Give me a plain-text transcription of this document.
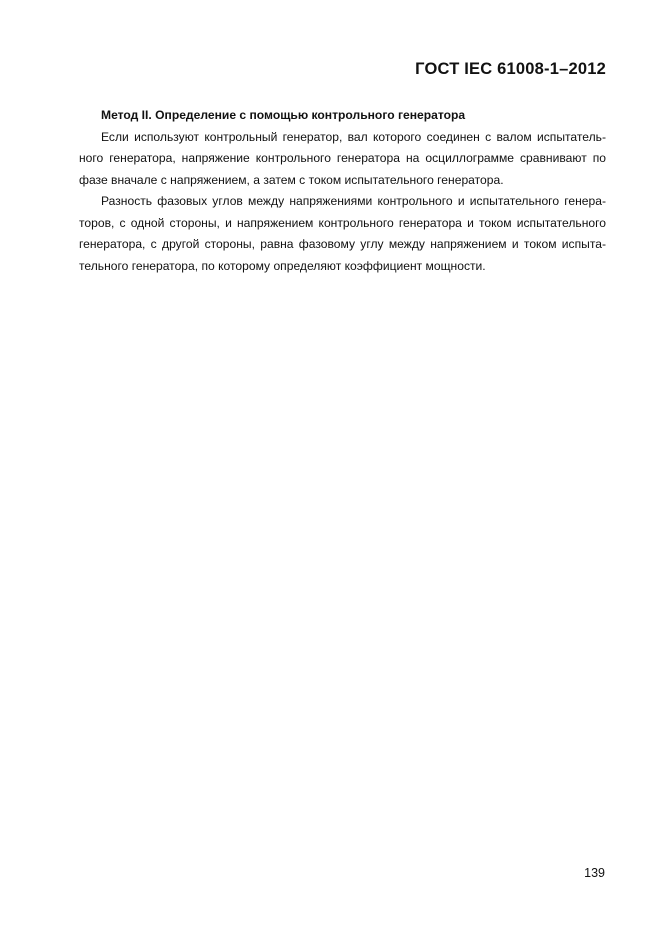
ГОСТ IEC 61008-1–2012
Метод II. Определение с помощью контрольного генератора
Если используют контрольный генератор, вал которого соединен с валом испытатель-
ного генератора, напряжение контрольного генератора на осциллограмме сравнивают по
фазе вначале с напряжением, а затем с током испытательного генератора.
Разность фазовых углов между напряжениями контрольного и испытательного генера-
торов, с одной стороны, и напряжением контрольного генератора и током испытательного
генератора, с другой стороны, равна фазовому углу между напряжением и током испыта-
тельного генератора, по которому определяют коэффициент мощности.
139
